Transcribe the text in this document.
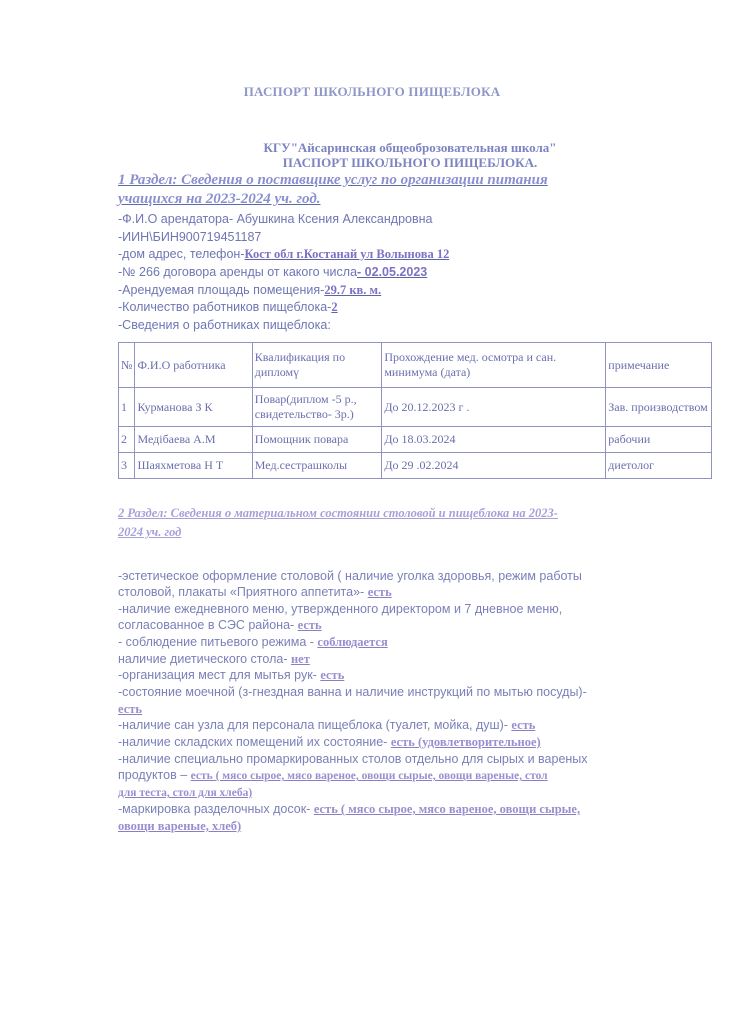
ПАСПОРТ ШКОЛЬНОГО ПИЩЕБЛОКА
КГУ"Айсаринская общеоброзовательная школа"
ПАСПОРТ ШКОЛЬНОГО ПИЩЕБЛОКА.
1 Раздел: Сведения о поставщике услуг по организации питания
учащихся на 2023-2024 уч. год.
-Ф.И.О арендатора- Абушкина Ксения Александровна
-ИИН\БИН900719451187
-дом адрес, телефон-Кост обл г.Костанай ул Волынова 12
-№ 266 договора аренды от какого числа- 02.05.2023
-Арендуемая площадь помещения-29.7 кв. м.
-Количество работников пищеблока-2
-Сведения о работниках пищеблока:
№	Ф.И.О работника	Квалификация по дипломү	Прохождение мед. осмотра и сан. минимума (дата)	примечание
1	Курманова З К	Повар(диплом -5 р., свидетельство- 3р.)	До 20.12.2023 г .	Зав. производством
2	Медібаева А.М	Помощник повара	До 18.03.2024	рабочии
3	Шаяхметова Н Т	Мед.сестрашколы	До 29 .02.2024	диетолог
2 Раздел: Сведения о материальном состоянии столовой и пищеблока на 2023-
2024 уч. год
-эстетическое оформление столовой ( наличие уголка здоровья, режим работы
столовой, плакаты «Приятного аппетита»- есть
-наличие ежедневного меню, утвержденного директором и 7 дневное меню,
согласованное в СЭС района- есть
- соблюдение питьевого режима - соблюдается
наличие диетического стола- нет
-организация мест для мытья рук- есть
-состояние моечной (з-гнездная ванна и наличие инструкций по мытью посуды)-
есть
-наличие сан узла для персонала пищеблока (туалет, мойка, душ)- есть
-наличие складских помещений их состояние- есть (удовлетворительное)
-наличие специально промаркированных столов отдельно для сырых и вареных
продуктов – есть ( мясо сырое, мясо вареное, овощи сырые, овощи вареные, стол
для теста, стол для хлеба)
-маркировка разделочных досок- есть ( мясо сырое, мясо вареное, овощи сырые,
овощи вареные, хлеб)
